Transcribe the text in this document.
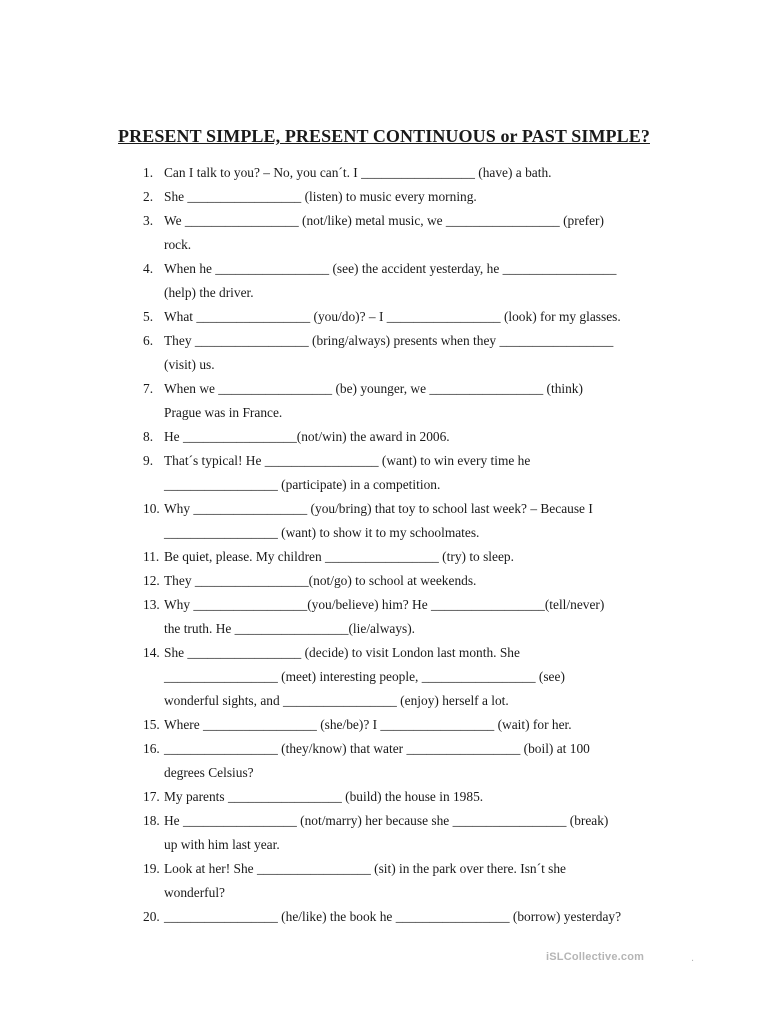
PRESENT SIMPLE, PRESENT CONTINUOUS or PAST SIMPLE?
1. Can I talk to you? – No, you can´t. I _________________ (have) a bath.
2. She _________________ (listen) to music every morning.
3. We _________________ (not/like) metal music, we _________________ (prefer)
rock.
4. When he _________________ (see) the accident yesterday, he _________________
(help) the driver.
5. What _________________ (you/do)? – I _________________ (look) for my glasses.
6. They _________________ (bring/always) presents when they _________________
(visit) us.
7. When we _________________ (be) younger, we _________________ (think)
Prague was in France.
8. He _________________(not/win) the award in 2006.
9. That´s typical! He _________________ (want) to win every time he
_________________ (participate) in a competition.
10. Why _________________ (you/bring) that toy to school last week? – Because I
_________________ (want) to show it to my schoolmates.
11. Be quiet, please. My children _________________ (try) to sleep.
12. They _________________(not/go) to school at weekends.
13. Why _________________(you/believe) him? He _________________(tell/never)
the truth. He _________________(lie/always).
14. She _________________ (decide) to visit London last month. She
_________________ (meet) interesting people, _________________ (see)
wonderful sights, and _________________ (enjoy) herself a lot.
15. Where _________________ (she/be)? I _________________ (wait) for her.
16. _________________ (they/know) that water _________________ (boil) at 100
degrees Celsius?
17. My parents _________________ (build) the house in 1985.
18. He _________________ (not/marry) her because she _________________ (break)
up with him last year.
19. Look at her! She _________________ (sit) in the park over there. Isn´t she
wonderful?
20. _________________ (he/like) the book he _________________ (borrow) yesterday?
iSLCollective.com	.
